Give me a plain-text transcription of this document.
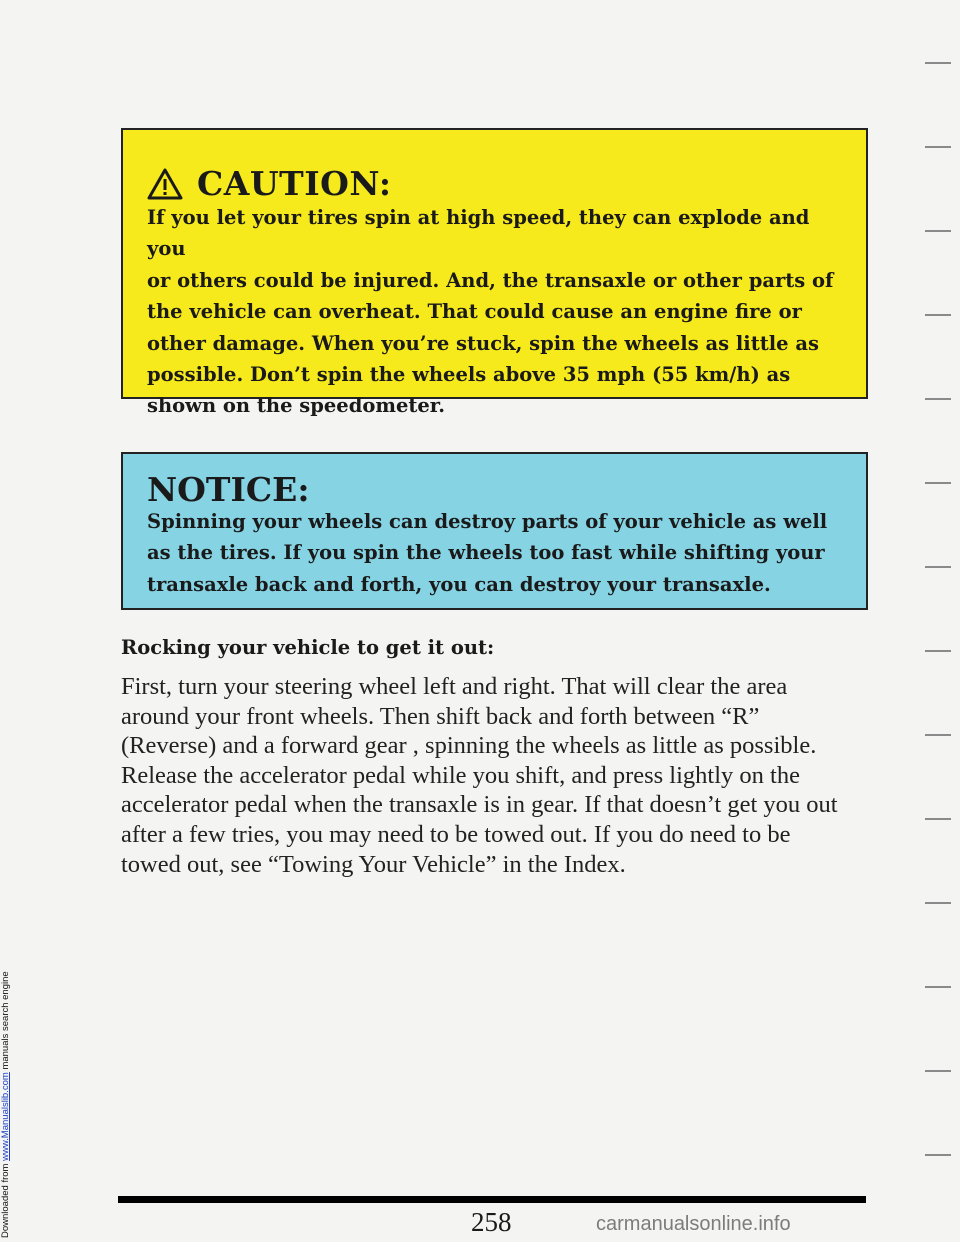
Downloaded from www.Manualslib.com manuals search engine
CAUTION:
If you let your tires spin at high speed, they can explode and you
or others could be injured. And, the transaxle or other parts of
the vehicle can overheat. That could cause an engine fire or
other damage. When you’re stuck, spin the wheels as little as
possible. Don’t spin the wheels above 35 mph (55 km/h) as
shown on the speedometer.
NOTICE:
Spinning your wheels can destroy parts of your vehicle as well
as the tires. If you spin the wheels too fast while shifting your
transaxle back and forth, you can destroy your transaxle.
Rocking your vehicle to get it out:
First, turn your steering wheel left and right. That will clear the area
around your front wheels. Then shift back and forth between “R”
(Reverse) and a forward gear , spinning the wheels as little as possible.
Release the accelerator pedal while you shift, and press lightly on the
accelerator pedal when the transaxle is in gear. If that doesn’t get you out
after a few tries, you may need to be towed out. If you do need to be
towed out, see “Towing Your Vehicle” in the Index.
258	carmanualsonline.info
